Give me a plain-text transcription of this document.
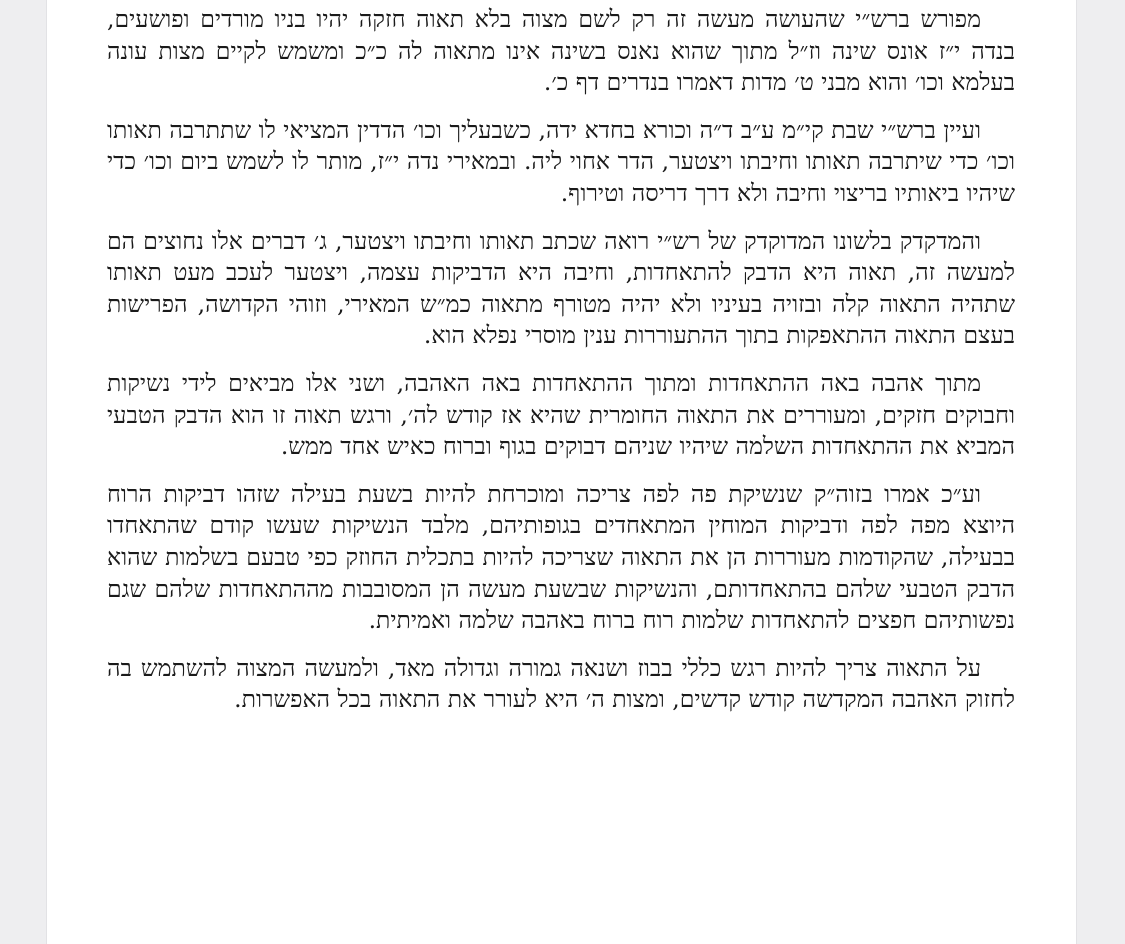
מפורש ברש״י שהעושה מעשה זה רק לשם מצוה בלא תאוה חזקה יהיו בניו מורדים ופושעים, בנדה י״ז אונס שינה וז״ל מתוך שהוא נאנס בשינה אינו מתאוה לה כ״כ ומשמש לקיים מצות עונה בעלמא וכו׳ והוא מבני ט׳ מדות דאמרו בנדרים דף כ׳.

ועיין ברש״י שבת קי״מ ע״ב ד״ה וכורא בחדא ידה, כשבעליך וכו׳ הדדין המציאי לו שתתרבה תאותו וכו׳ כדי שיתרבה תאותו וחיבתו ויצטער, הדר אחוי ליה. ובמאירי נדה י״ז, מותר לו לשמש ביום וכו׳ כדי שיהיו ביאותיו בריצוי וחיבה ולא דרך דריסה וטירוף.

והמדקדק בלשונו המדוקדק של רש״י רואה שכתב תאותו וחיבתו ויצטער, ג׳ דברים אלו נחוצים הם למעשה זה, תאוה היא הדבק להתאחדות, וחיבה היא הדביקות עצמה, ויצטער לעכב מעט תאותו שתהיה התאוה קלה ובזויה בעיניו ולא יהיה מטורף מתאוה כמ״ש המאירי, וזוהי הקדושה, הפרישות בעצם התאוה ההתאפקות בתוך ההתעוררות ענין מוסרי נפלא הוא.

מתוך אהבה באה ההתאחדות ומתוך ההתאחדות באה האהבה, ושני אלו מביאים לידי נשיקות וחבוקים חזקים, ומעוררים את התאוה החומרית שהיא אז קודש לה׳, ורגש תאוה זו הוא הדבק הטבעי המביא את ההתאחדות השלמה שיהיו שניהם דבוקים בגוף וברוח כאיש אחד ממש.

וע״כ אמרו בזוה״ק שנשיקת פה לפה צריכה ומוכרחת להיות בשעת בעילה שזהו דביקות הרוח היוצא מפה לפה ודביקות המוחין המתאחדים בגופותיהם, מלבד הנשיקות שעשו קודם שהתאחדו בבעילה, שהקודמות מעוררות הן את התאוה שצריכה להיות בתכלית החוזק כפי טבעם בשלמות שהוא הדבק הטבעי שלהם בהתאחדותם, והנשיקות שבשעת מעשה הן המסובבות מההתאחדות שלהם שגם נפשותיהם חפצים להתאחדות שלמות רוח ברוח באהבה שלמה ואמיתית.

על התאוה צריך להיות רגש כללי בבוז ושנאה גמורה וגדולה מאד, ולמעשה המצוה להשתמש בה לחזוק האהבה המקדשה קודש קדשים, ומצות ה׳ היא לעורר את התאוה בכל האפשרות.
